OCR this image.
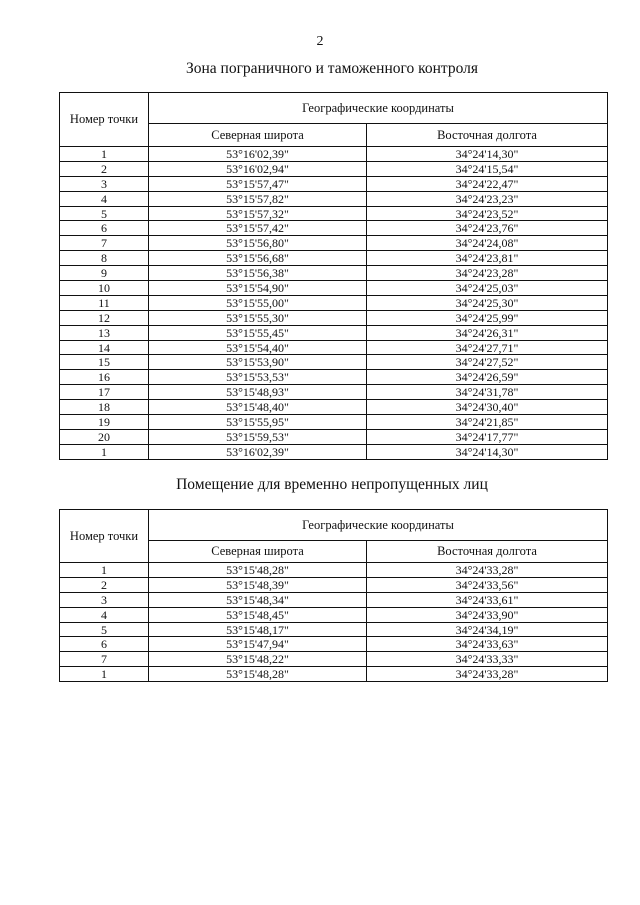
2
Зона пограничного и таможенного контроля
Номер точки	Географические координаты	
	Северная широта	Восточная долгота
1	53°16'02,39"	34°24'14,30"
2	53°16'02,94"	34°24'15,54"
3	53°15'57,47"	34°24'22,47"
4	53°15'57,82"	34°24'23,23"
5	53°15'57,32"	34°24'23,52"
6	53°15'57,42"	34°24'23,76"
7	53°15'56,80"	34°24'24,08"
8	53°15'56,68"	34°24'23,81"
9	53°15'56,38"	34°24'23,28"
10	53°15'54,90"	34°24'25,03"
11	53°15'55,00"	34°24'25,30"
12	53°15'55,30"	34°24'25,99"
13	53°15'55,45"	34°24'26,31"
14	53°15'54,40"	34°24'27,71"
15	53°15'53,90"	34°24'27,52"
16	53°15'53,53"	34°24'26,59"
17	53°15'48,93"	34°24'31,78"
18	53°15'48,40"	34°24'30,40"
19	53°15'55,95"	34°24'21,85"
20	53°15'59,53"	34°24'17,77"
1	53°16'02,39"	34°24'14,30"
Помещение для временно непропущенных лиц
Номер точки	Географические координаты	
	Северная широта	Восточная долгота
1	53°15'48,28"	34°24'33,28"
2	53°15'48,39"	34°24'33,56"
3	53°15'48,34"	34°24'33,61"
4	53°15'48,45"	34°24'33,90"
5	53°15'48,17"	34°24'34,19"
6	53°15'47,94"	34°24'33,63"
7	53°15'48,22"	34°24'33,33"
1	53°15'48,28"	34°24'33,28"
